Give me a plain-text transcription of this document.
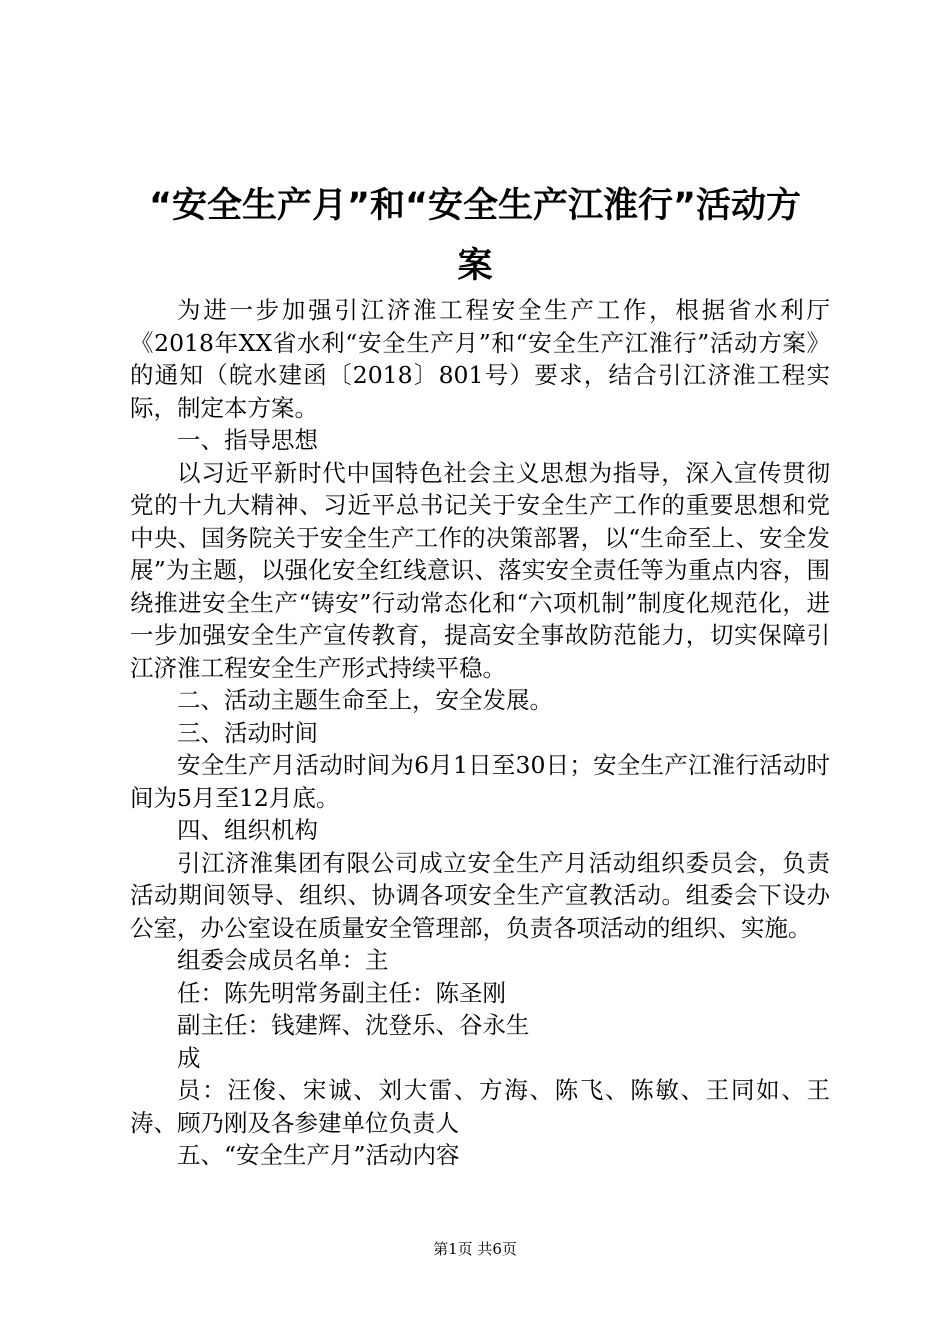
“安全生产月”和“安全生产江淮行”活动方
案

为进一步加强引江济淮工程安全生产工作，根据省水利厅《2018年XX省水利“安全生产月”和“安全生产江淮行”活动方案》的通知（皖水建函〔2018〕801号）要求，结合引江济淮工程实际，制定本方案。

一、指导思想

以习近平新时代中国特色社会主义思想为指导，深入宣传贯彻党的十九大精神、习近平总书记关于安全生产工作的重要思想和党中央、国务院关于安全生产工作的决策部署，以“生命至上、安全发展”为主题，以强化安全红线意识、落实安全责任等为重点内容，围绕推进安全生产“铸安”行动常态化和“六项机制”制度化规范化，进一步加强安全生产宣传教育，提高安全事故防范能力，切实保障引江济淮工程安全生产形式持续平稳。

二、活动主题生命至上，安全发展。

三、活动时间

安全生产月活动时间为6月1日至30日；安全生产江淮行活动时间为5月至12月底。

四、组织机构

引江济淮集团有限公司成立安全生产月活动组织委员会，负责活动期间领导、组织、协调各项安全生产宣教活动。组委会下设办公室，办公室设在质量安全管理部，负责各项活动的组织、实施。

组委会成员名单：主

任：陈先明常务副主任：陈圣刚

副主任：钱建辉、沈登乐、谷永生

成

员：汪俊、宋诚、刘大雷、方海、陈飞、陈敏、王同如、王涛、顾乃刚及各参建单位负责人

五、“安全生产月”活动内容

第1页 共6页
